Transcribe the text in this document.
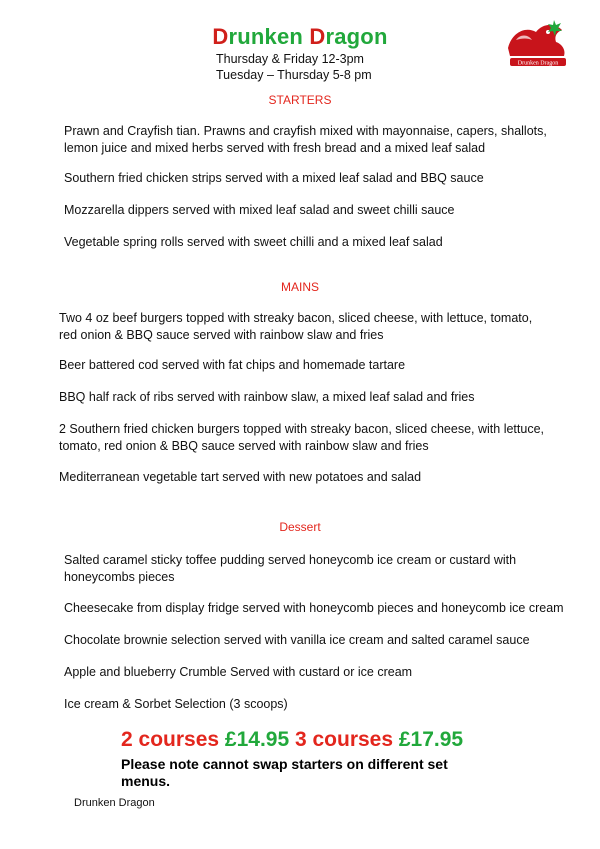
Drunken Dragon
Thursday & Friday 12-3pm
Tuesday – Thursday 5-8 pm
Drunken Dragon
STARTERS
Prawn and Crayfish tian. Prawns and crayfish mixed with mayonnaise, capers, shallots, lemon juice and mixed herbs served with fresh bread and a mixed leaf salad
Southern fried chicken strips served with a mixed leaf salad and BBQ sauce
Mozzarella dippers served with mixed leaf salad and sweet chilli sauce
Vegetable spring rolls served with sweet chilli and a mixed leaf salad
MAINS
Two 4 oz beef burgers topped with streaky bacon, sliced cheese, with lettuce, tomato, red onion & BBQ sauce served with rainbow slaw and fries
Beer battered cod served with fat chips and homemade tartare
BBQ half rack of ribs served with rainbow slaw, a mixed leaf salad and fries
2 Southern fried chicken burgers topped with streaky bacon, sliced cheese, with lettuce, tomato, red onion & BBQ sauce served with rainbow slaw and fries
Mediterranean vegetable tart served with new potatoes and salad
Dessert
Salted caramel sticky toffee pudding served honeycomb ice cream or custard with honeycombs pieces
Cheesecake from display fridge served with honeycomb pieces and honeycomb ice cream
Chocolate brownie selection served with vanilla ice cream and salted caramel sauce
Apple and blueberry Crumble Served with custard or ice cream
Ice cream & Sorbet Selection (3 scoops)
2 courses £14.95 3 courses £17.95
Please note cannot swap starters on different set menus.
Drunken Dragon
